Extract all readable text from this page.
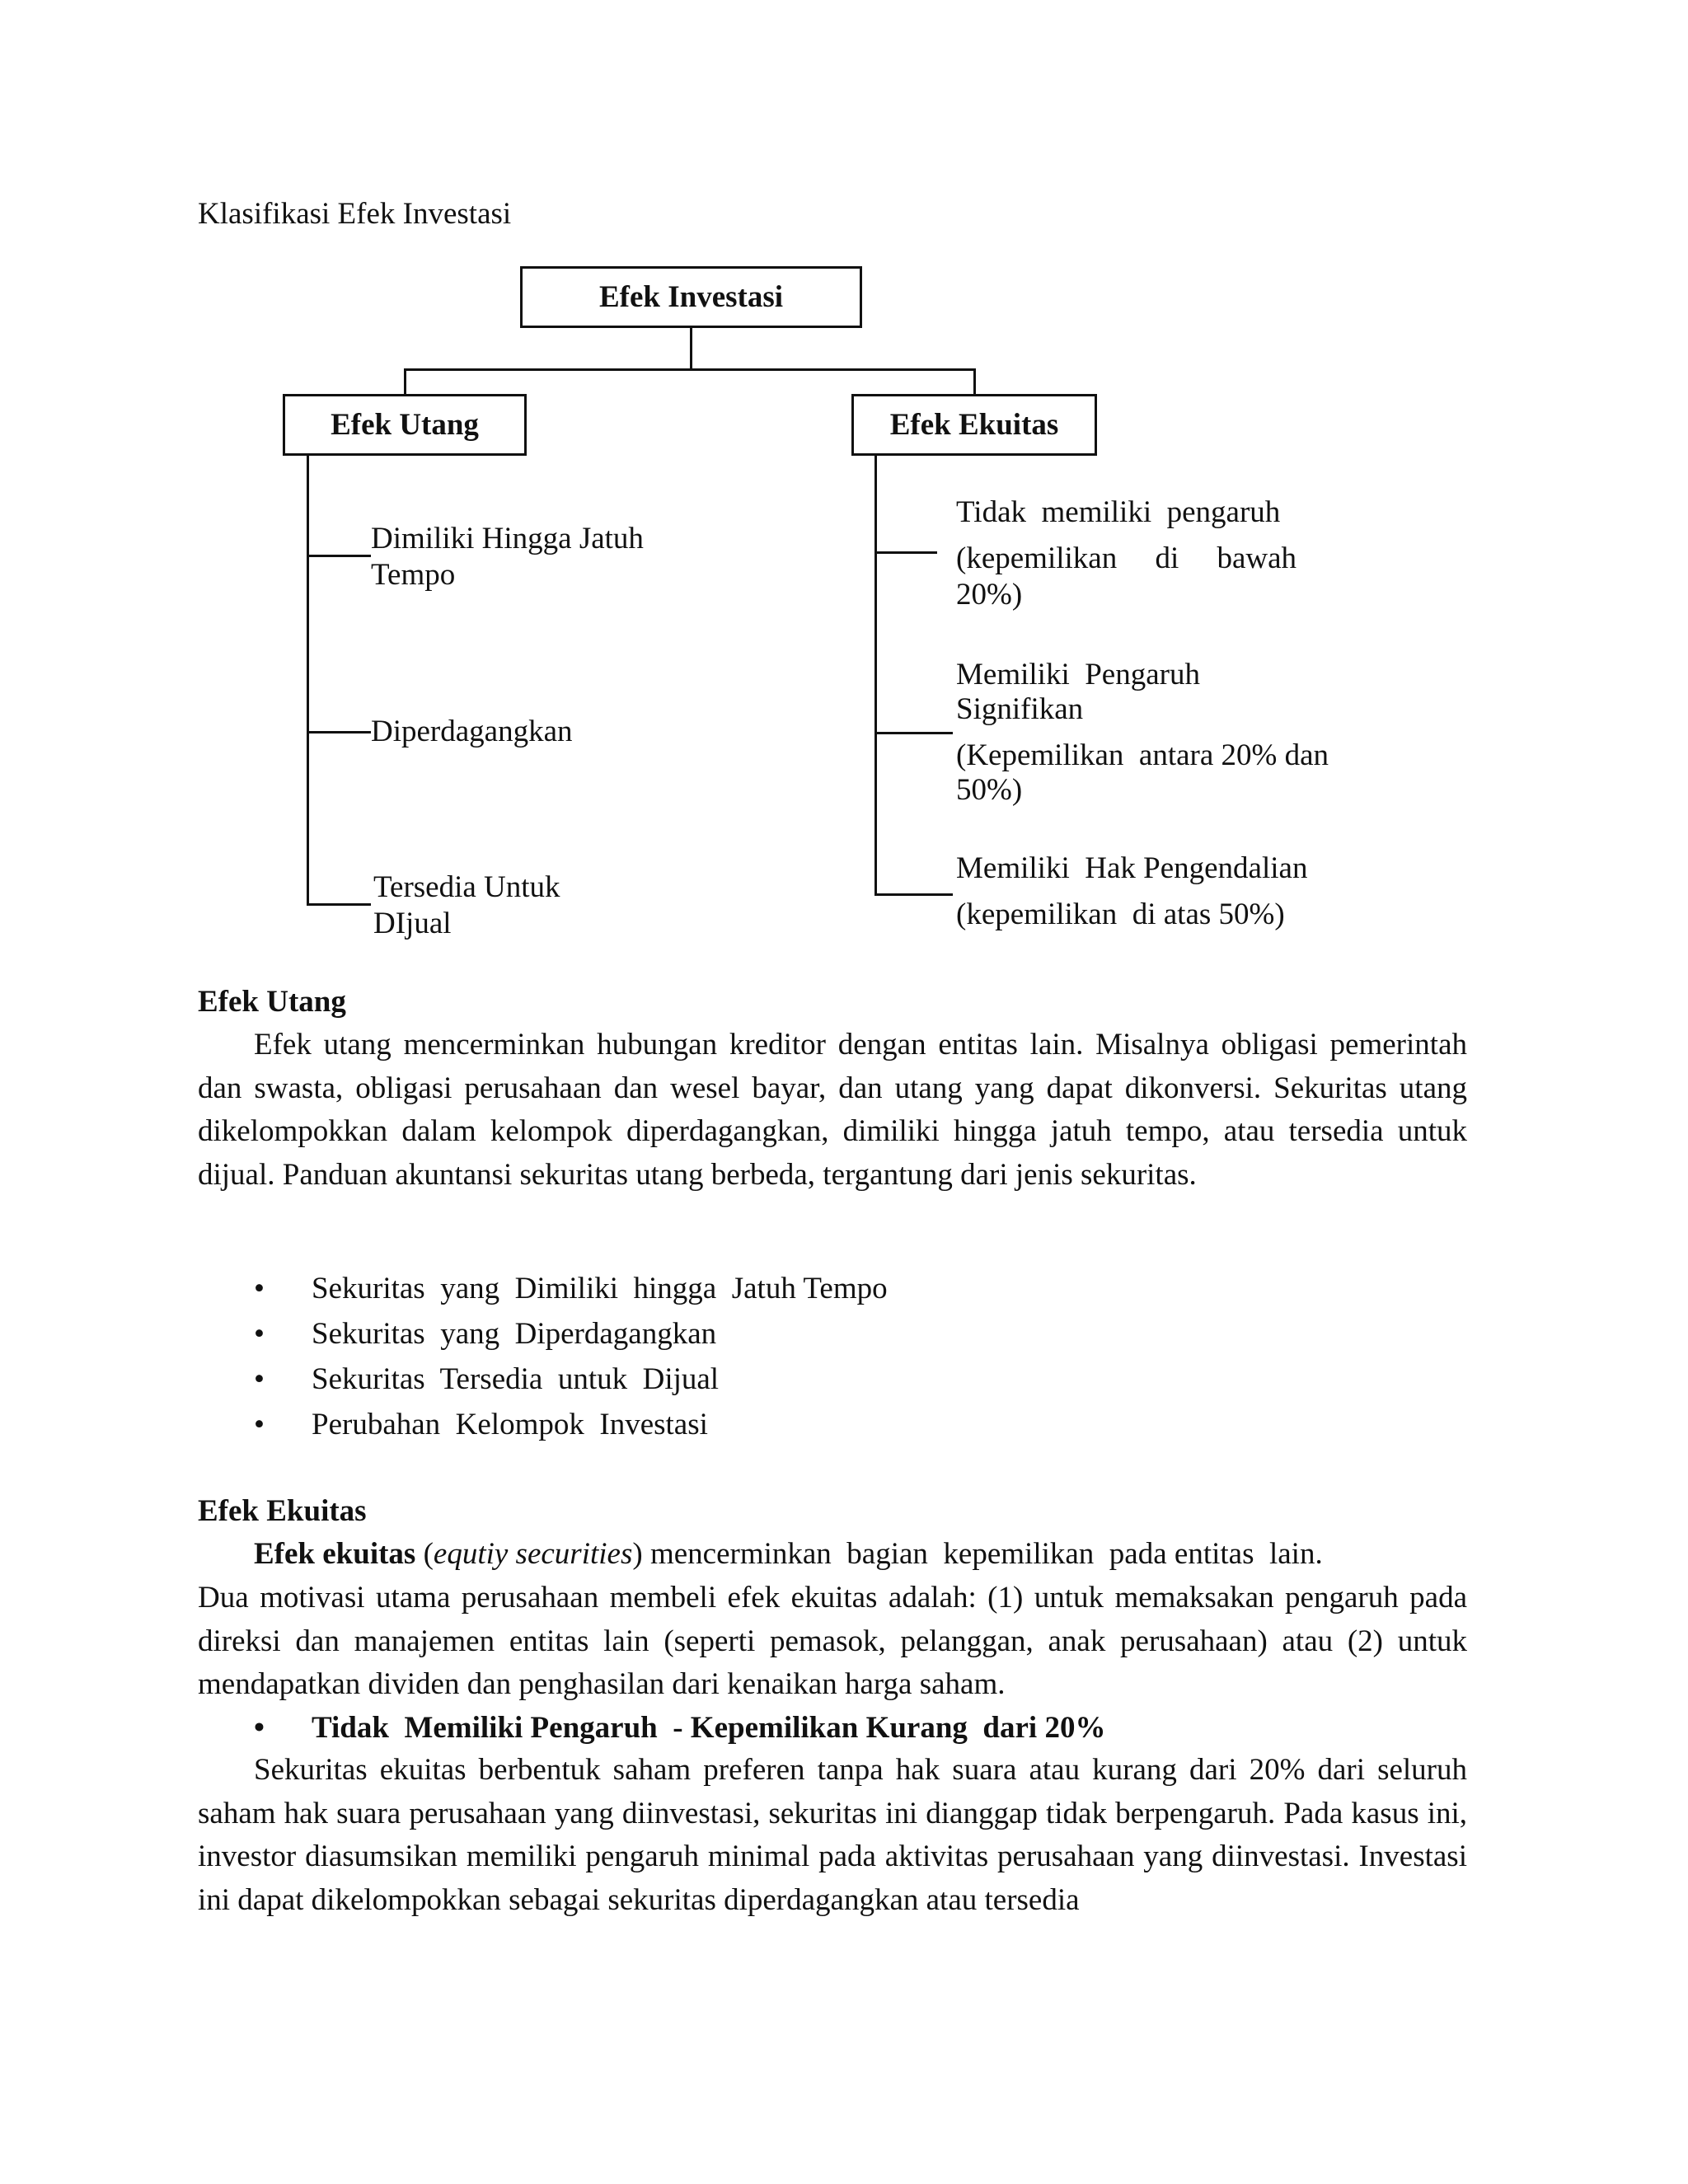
Klasifikasi Efek Investasi
Efek Investasi
Efek Utang	Efek Ekuitas
Dimiliki Hingga Jatuh
Tempo
Diperdagangkan
Tersedia Untuk
DIjual
Tidak  memiliki  pengaruh
(kepemilikan     di     bawah
20%)
Memiliki  Pengaruh
Signifikan
(Kepemilikan  antara 20% dan
50%)
Memiliki  Hak Pengendalian
(kepemilikan  di atas 50%)
Efek Utang
Efek utang mencerminkan hubungan kreditor dengan entitas lain. Misalnya obligasi pemerintah dan swasta, obligasi perusahaan dan wesel bayar, dan utang yang dapat dikonversi. Sekuritas utang dikelompokkan dalam kelompok diperdagangkan, dimiliki hingga jatuh tempo, atau tersedia untuk dijual. Panduan akuntansi sekuritas utang berbeda, tergantung dari jenis sekuritas.
• Sekuritas  yang  Dimiliki  hingga  Jatuh Tempo
• Sekuritas  yang  Diperdagangkan
• Sekuritas  Tersedia  untuk  Dijual
• Perubahan  Kelompok  Investasi
Efek Ekuitas
Efek ekuitas (equtiy securities) mencerminkan  bagian  kepemilikan  pada entitas  lain.
Dua motivasi utama perusahaan membeli efek ekuitas adalah: (1) untuk memaksakan pengaruh pada direksi dan manajemen entitas lain (seperti pemasok, pelanggan, anak perusahaan) atau (2) untuk mendapatkan dividen dan penghasilan dari kenaikan harga saham.
• Tidak  Memiliki Pengaruh  - Kepemilikan Kurang  dari 20%
Sekuritas ekuitas berbentuk saham preferen tanpa hak suara atau kurang dari 20% dari seluruh saham hak suara perusahaan yang diinvestasi, sekuritas ini dianggap tidak berpengaruh. Pada kasus ini, investor diasumsikan memiliki pengaruh minimal pada aktivitas perusahaan yang diinvestasi. Investasi ini dapat dikelompokkan sebagai sekuritas diperdagangkan atau tersedia
